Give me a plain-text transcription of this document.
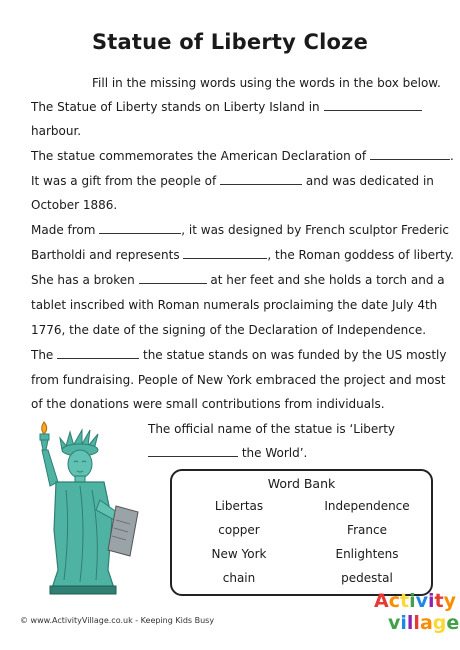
Statue of Liberty Cloze
Fill in the missing words using the words in the box below.
The Statue of Liberty stands on Liberty Island in
harbour.
The statue commemorates the American Declaration of	.
It was a gift from the people of	and was dedicated in
October 1886.
Made from	, it was designed by French sculptor Frederic
Bartholdi and represents	, the Roman goddess of liberty.
She has a broken	at her feet and she holds a torch and a
tablet inscribed with Roman numerals proclaiming the date July 4th
1776, the date of the signing of the Declaration of Independence.
The	the statue stands on was funded by the US mostly
from fundraising. People of New York embraced the project and most
of the donations were small contributions from individuals.
The official name of the statue is ‘Liberty
the World’.
Word Bank
Libertas	Independence
copper	France
New York	Enlightens
chain	pedestal
© www.ActivityVillage.co.uk - Keeping Kids Busy
Activity
village
